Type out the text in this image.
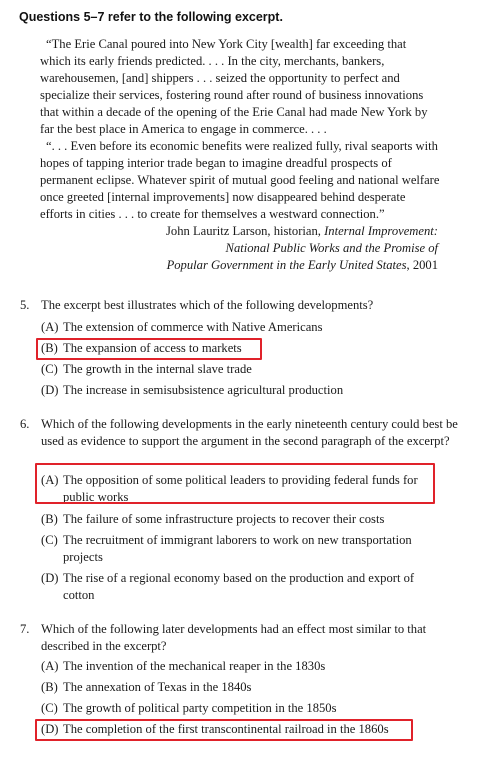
Questions 5–7 refer to the following excerpt.

“The Erie Canal poured into New York City [wealth] far exceeding that which its early friends predicted. . . . In the city, merchants, bankers, warehousemen, [and] shippers . . . seized the opportunity to perfect and specialize their services, fostering round after round of business innovations that within a decade of the opening of the Erie Canal had made New York by far the best place in America to engage in commerce. . . .

“. . . Even before its economic benefits were realized fully, rival seaports with hopes of tapping interior trade began to imagine dreadful prospects of permanent eclipse. Whatever spirit of mutual good feeling and national welfare once greeted [internal improvements] now disappeared behind desperate efforts in cities . . . to create for themselves a westward connection.”

John Lauritz Larson, historian, Internal Improvement:
National Public Works and the Promise of
Popular Government in the Early United States, 2001
5. The excerpt best illustrates which of the following developments?
(A) The extension of commerce with Native Americans
(B) The expansion of access to markets
(C) The growth in the internal slave trade
(D) The increase in semisubsistence agricultural production
6. Which of the following developments in the early nineteenth century could best be used as evidence to support the argument in the second paragraph of the excerpt?
(A) The opposition of some political leaders to providing federal funds for public works
(B) The failure of some infrastructure projects to recover their costs
(C) The recruitment of immigrant laborers to work on new transportation projects
(D) The rise of a regional economy based on the production and export of cotton
7. Which of the following later developments had an effect most similar to that described in the excerpt?
(A) The invention of the mechanical reaper in the 1830s
(B) The annexation of Texas in the 1840s
(C) The growth of political party competition in the 1850s
(D) The completion of the first transcontinental railroad in the 1860s
